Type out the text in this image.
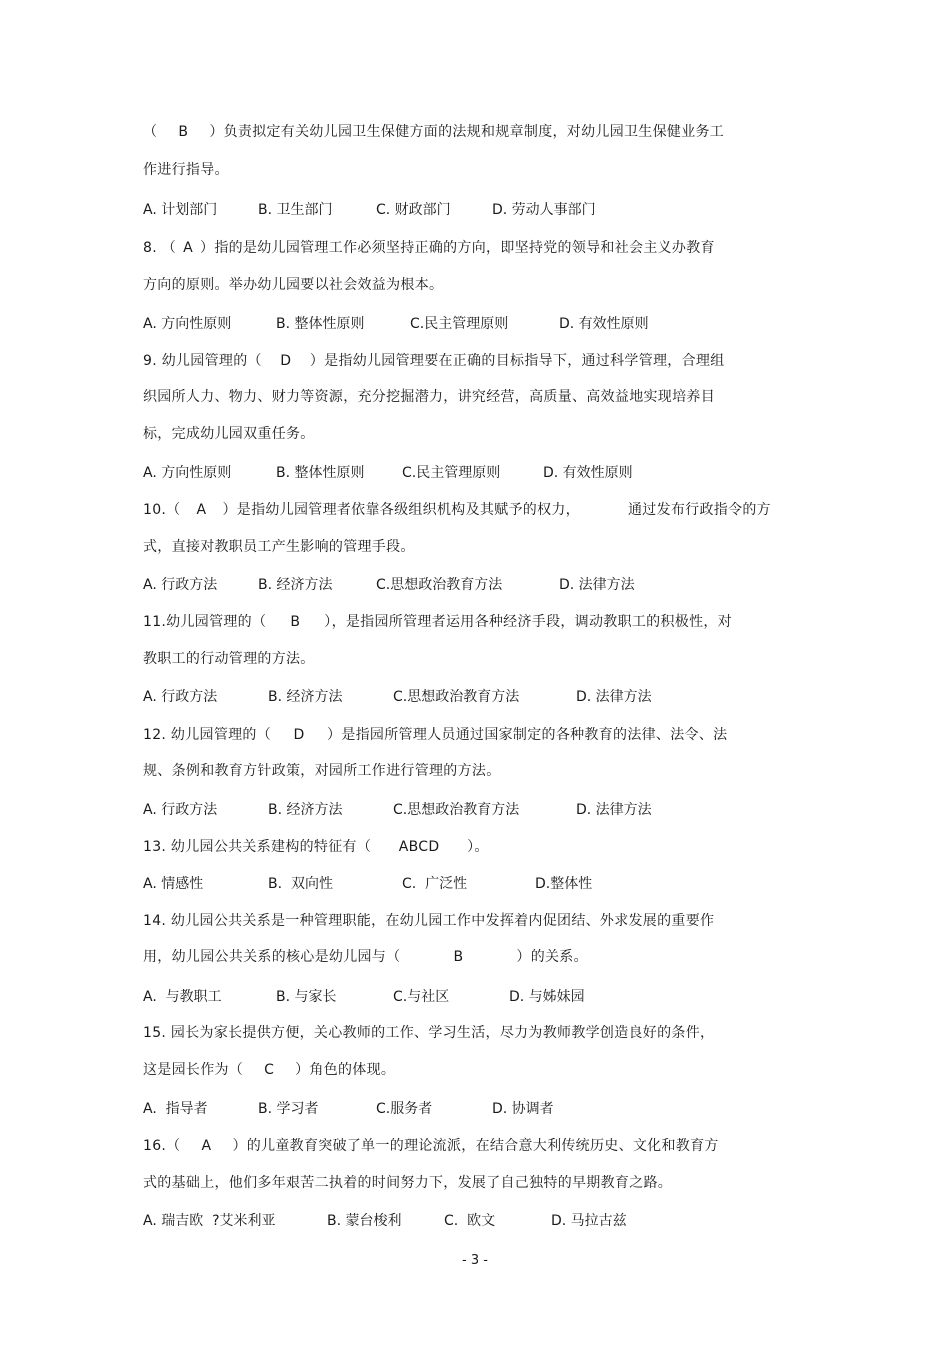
（ B ）负责拟定有关幼儿园卫生保健方面的法规和规章制度，对幼儿园卫生保健业务工
作进行指导。
A. 计划部门	B. 卫生部门	C. 财政部门	D. 劳动人事部门
8. （ A ）指的是幼儿园管理工作必须坚持正确的方向，即坚持党的领导和社会主义办教育
方向的原则。举办幼儿园要以社会效益为根本。
A. 方向性原则	B. 整体性原则	C.民主管理原则	D. 有效性原则
9. 幼儿园管理的（ D ）是指幼儿园管理要在正确的目标指导下，通过科学管理，合理组
织园所人力、物力、财力等资源，充分挖掘潜力，讲究经营，高质量、高效益地实现培养目
标，完成幼儿园双重任务。
A. 方向性原则	B. 整体性原则	C.民主管理原则	D. 有效性原则
10.（ A ）是指幼儿园管理者依靠各级组织机构及其赋予的权力，	通过发布行政指令的方
式，直接对教职员工产生影响的管理手段。
A. 行政方法	B. 经济方法	C.思想政治教育方法	D. 法律方法
11.幼儿园管理的（ B ），是指园所管理者运用各种经济手段，调动教职工的积极性，对
教职工的行动管理的方法。
A. 行政方法	B. 经济方法	C.思想政治教育方法	D. 法律方法
12. 幼儿园管理的（ D ）是指园所管理人员通过国家制定的各种教育的法律、法令、法
规、条例和教育方针政策，对园所工作进行管理的方法。
A. 行政方法	B. 经济方法	C.思想政治教育方法	D. 法律方法
13. 幼儿园公共关系建构的特征有（ ABCD ）。
A. 情感性	B.  双向性	C.  广泛性	D.整体性
14. 幼儿园公共关系是一种管理职能，在幼儿园工作中发挥着内促团结、外求发展的重要作
用，幼儿园公共关系的核心是幼儿园与（	B	）的关系。
A.  与教职工	B. 与家长	C.与社区	D. 与姊妹园
15. 园长为家长提供方便，关心教师的工作、学习生活，尽力为教师教学创造良好的条件，
这是园长作为（ C ）角色的体现。
A.  指导者	B. 学习者	C.服务者	D. 协调者
16.（ A ）的儿童教育突破了单一的理论流派，在结合意大利传统历史、文化和教育方
式的基础上，他们多年艰苦二执着的时间努力下，发展了自己独特的早期教育之路。
A. 瑞吉欧  ?艾米利亚	B. 蒙台梭利	C.  欧文	D. 马拉古兹
- 3 -
